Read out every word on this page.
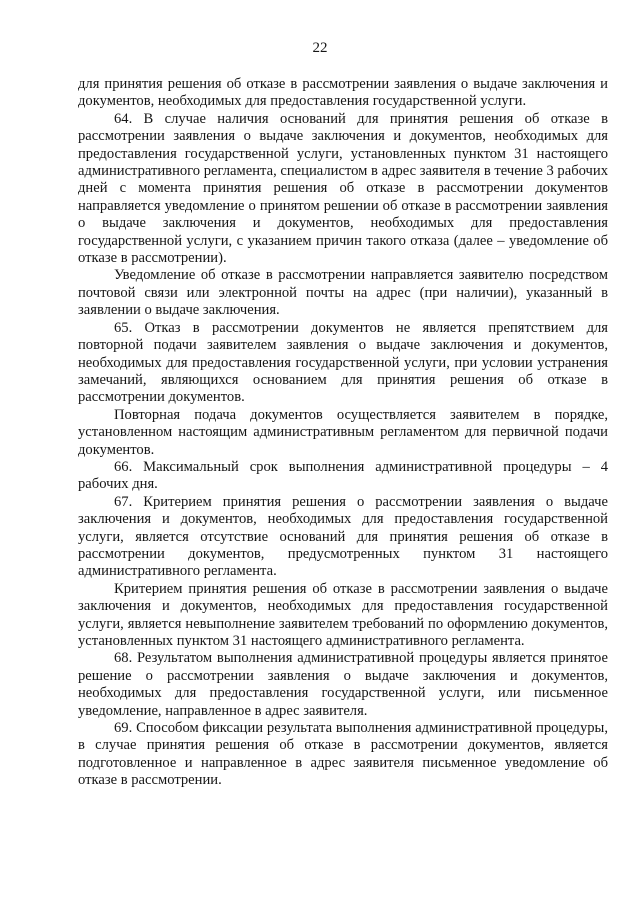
22

для принятия решения об отказе в рассмотрении заявления о выдаче заключения и документов, необходимых для предоставления государственной услуги.

64. В случае наличия оснований для принятия решения об отказе в рассмотрении заявления о выдаче заключения и документов, необходимых для предоставления государственной услуги, установленных пунктом 31 настоящего административного регламента, специалистом в адрес заявителя в течение 3 рабочих дней с момента принятия решения об отказе в рассмотрении документов направляется уведомление о принятом решении об отказе в рассмотрении заявления о выдаче заключения и документов, необходимых для предоставления государственной услуги, с указанием причин такого отказа (далее – уведомление об отказе в рассмотрении).

Уведомление об отказе в рассмотрении направляется заявителю посредством почтовой связи или электронной почты на адрес (при наличии), указанный в заявлении о выдаче заключения.

65. Отказ в рассмотрении документов не является препятствием для повторной подачи заявителем заявления о выдаче заключения и документов, необходимых для предоставления государственной услуги, при условии устранения замечаний, являющихся основанием для принятия решения об отказе в рассмотрении документов.

Повторная подача документов осуществляется заявителем в порядке, установленном настоящим административным регламентом для первичной подачи документов.

66. Максимальный срок выполнения административной процедуры – 4 рабочих дня.

67. Критерием принятия решения о рассмотрении заявления о выдаче заключения и документов, необходимых для предоставления государственной услуги, является отсутствие оснований для принятия решения об отказе в рассмотрении документов, предусмотренных пунктом 31 настоящего административного регламента.

Критерием принятия решения об отказе в рассмотрении заявления о выдаче заключения и документов, необходимых для предоставления государственной услуги, является невыполнение заявителем требований по оформлению документов, установленных пунктом 31 настоящего административного регламента.

68. Результатом выполнения административной процедуры является принятое решение о рассмотрении заявления о выдаче заключения и документов, необходимых для предоставления государственной услуги, или письменное уведомление, направленное в адрес заявителя.

69. Способом фиксации результата выполнения административной процедуры, в случае принятия решения об отказе в рассмотрении документов, является подготовленное и направленное в адрес заявителя письменное уведомление об отказе в рассмотрении.
